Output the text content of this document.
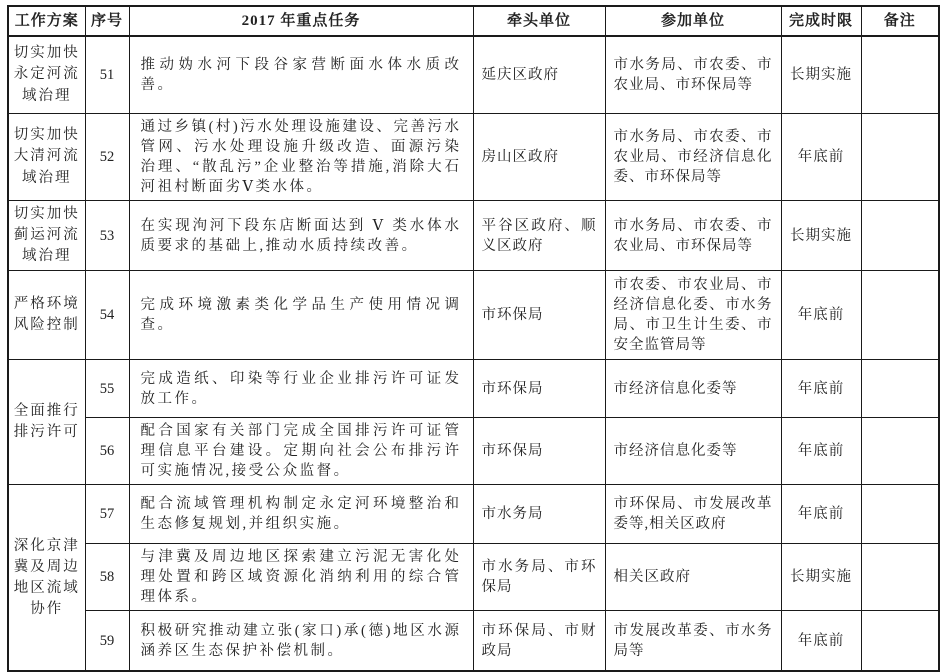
工作方案	序号	2017 年重点任务	牵头单位	参加单位	完成时限	备注
切实加快永定河流域治理	51	推动妫水河下段谷家营断面水体水质改善。	延庆区政府	市水务局、市农委、市农业局、市环保局等	长期实施	
切实加快大清河流域治理	52	通过乡镇(村)污水处理设施建设、完善污水管网、污水处理设施升级改造、面源污染治理、“散乱污”企业整治等措施,消除大石河祖村断面劣Ⅴ类水体。	房山区政府	市水务局、市农委、市农业局、市经济信息化委、市环保局等	年底前	
切实加快蓟运河流域治理	53	在实现泃河下段东店断面达到 Ⅴ 类水体水质要求的基础上,推动水质持续改善。	平谷区政府、顺义区政府	市水务局、市农委、市农业局、市环保局等	长期实施	
严格环境风险控制	54	完成环境激素类化学品生产使用情况调查。	市环保局	市农委、市农业局、市经济信息化委、市水务局、市卫生计生委、市安全监管局等	年底前	
全面推行排污许可	55	完成造纸、印染等行业企业排污许可证发放工作。	市环保局	市经济信息化委等	年底前	
	56	配合国家有关部门完成全国排污许可证管理信息平台建设。定期向社会公布排污许可实施情况,接受公众监督。	市环保局	市经济信息化委等	年底前	
深化京津冀及周边地区流域协作	57	配合流域管理机构制定永定河环境整治和生态修复规划,并组织实施。	市水务局	市环保局、市发展改革委等,相关区政府	年底前	
	58	与津冀及周边地区探索建立污泥无害化处理处置和跨区域资源化消纳利用的综合管理体系。	市水务局、市环保局	相关区政府	长期实施	
	59	积极研究推动建立张(家口)承(德)地区水源涵养区生态保护补偿机制。	市环保局、市财政局	市发展改革委、市水务局等	年底前	
